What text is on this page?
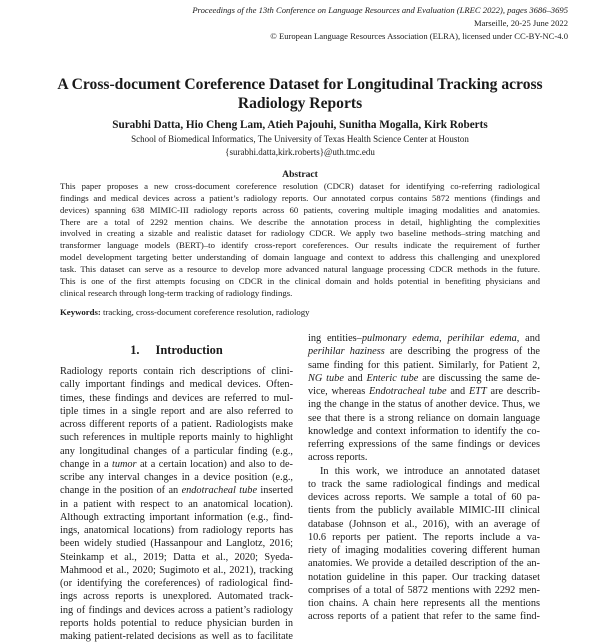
Proceedings of the 13th Conference on Language Resources and Evaluation (LREC 2022), pages 3686–3695
Marseille, 20-25 June 2022
© European Language Resources Association (ELRA), licensed under CC-BY-NC-4.0
A Cross-document Coreference Dataset for Longitudinal Tracking across
Radiology Reports
Surabhi Datta, Hio Cheng Lam, Atieh Pajouhi, Sunitha Mogalla, Kirk Roberts
School of Biomedical Informatics, The University of Texas Health Science Center at Houston
{surabhi.datta,kirk.roberts}@uth.tmc.edu
Abstract
This paper proposes a new cross-document coreference resolution (CDCR) dataset for identifying co-referring radiological
findings and medical devices across a patient’s radiology reports. Our annotated corpus contains 5872 mentions (findings and
devices) spanning 638 MIMIC-III radiology reports across 60 patients, covering multiple imaging modalities and anatomies.
There are a total of 2292 mention chains. We describe the annotation process in detail, highlighting the complexities
involved in creating a sizable and realistic dataset for radiology CDCR. We apply two baseline methods–string matching and
transformer language models (BERT)–to identify cross-report coreferences. Our results indicate the requirement of further
model development targeting better understanding of domain language and context to address this challenging and unexplored
task. This dataset can serve as a resource to develop more advanced natural language processing CDCR methods in the future.
This is one of the first attempts focusing on CDCR in the clinical domain and holds potential in benefiting physicians and
clinical research through long-term tracking of radiology findings.
Keywords: tracking, cross-document coreference resolution, radiology
1. Introduction
Radiology reports contain rich descriptions of clini-
cally important findings and medical devices. Often-
times, these findings and devices are referred to mul-
tiple times in a single report and are also referred to
across different reports of a patient. Radiologists make
such references in multiple reports mainly to highlight
any longitudinal changes of a particular finding (e.g.,
change in a tumor at a certain location) and also to de-
scribe any interval changes in a device position (e.g.,
change in the position of an endotracheal tube inserted
in a patient with respect to an anatomical location).
Although extracting important information (e.g., find-
ings, anatomical locations) from radiology reports has
been widely studied (Hassanpour and Langlotz, 2016;
Steinkamp et al., 2019; Datta et al., 2020; Syeda-
Mahmood et al., 2020; Sugimoto et al., 2021), tracking
(or identifying the coreferences) of radiological find-
ings across reports is unexplored. Automated track-
ing of findings and devices across a patient’s radiology
reports holds potential to reduce physician burden in
making patient-related decisions as well as to facilitate
ing entities–pulmonary edema, perihilar edema, and
perihilar haziness are describing the progress of the
same finding for this patient. Similarly, for Patient 2,
NG tube and Enteric tube are discussing the same de-
vice, whereas Endotracheal tube and ETT are describ-
ing the change in the status of another device. Thus, we
see that there is a strong reliance on domain language
knowledge and context information to identify the co-
referring expressions of the same findings or devices
across reports.
In this work, we introduce an annotated dataset
to track the same radiological findings and medical
devices across reports. We sample a total of 60 pa-
tients from the publicly available MIMIC-III clinical
database (Johnson et al., 2016), with an average of
10.6 reports per patient. The reports include a va-
riety of imaging modalities covering different human
anatomies. We provide a detailed description of the an-
notation guideline in this paper. Our tracking dataset
comprises of a total of 5872 mentions with 2292 men-
tion chains. A chain here represents all the mentions
across reports of a patient that refer to the same find-
